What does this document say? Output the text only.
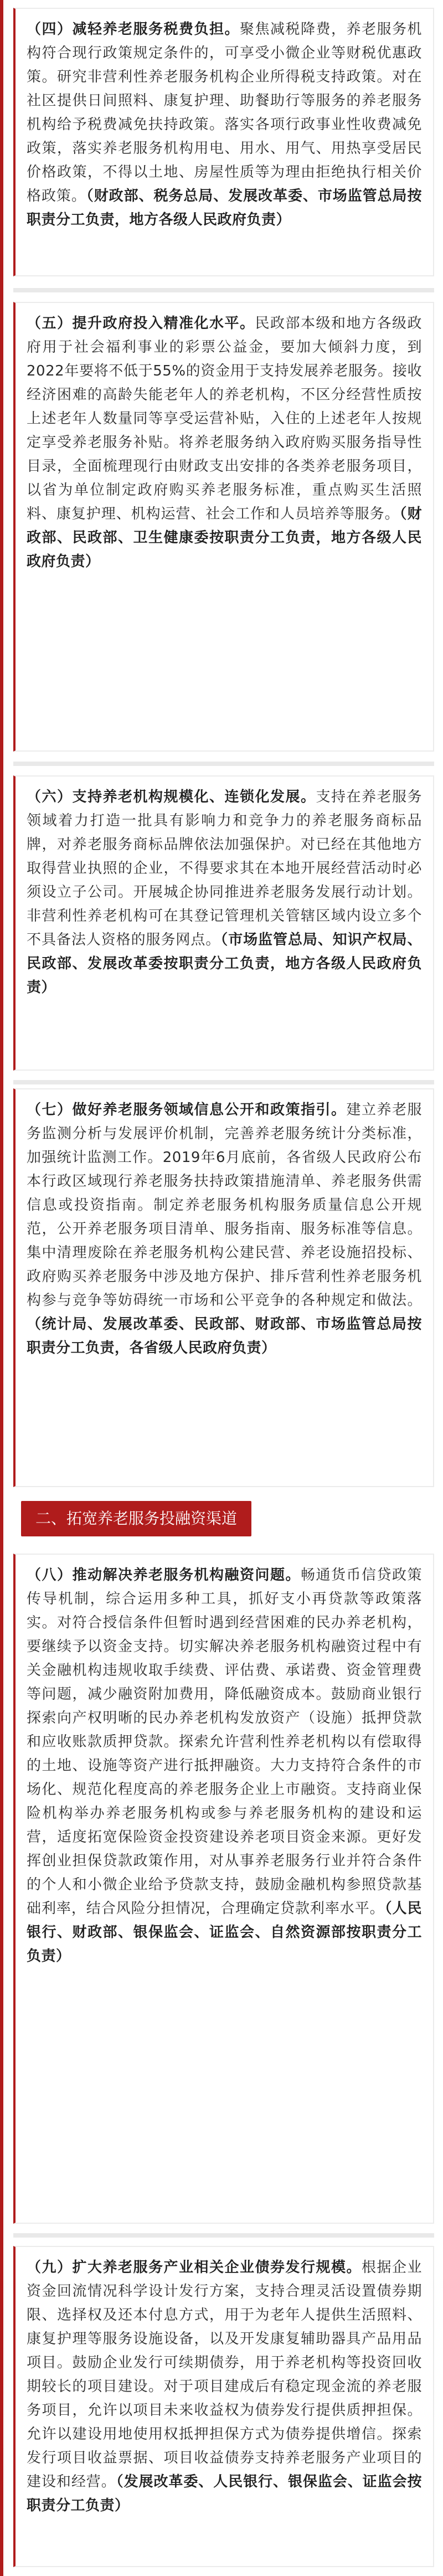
（四）减轻养老服务税费负担。聚焦减税降费，养老服务机构符合现行政策规定条件的，可享受小微企业等财税优惠政策。研究非营利性养老服务机构企业所得税支持政策。对在社区提供日间照料、康复护理、助餐助行等服务的养老服务机构给予税费减免扶持政策。落实各项行政事业性收费减免政策，落实养老服务机构用电、用水、用气、用热享受居民价格政策，不得以土地、房屋性质等为理由拒绝执行相关价格政策。（财政部、税务总局、发展改革委、市场监管总局按职责分工负责，地方各级人民政府负责）

（五）提升政府投入精准化水平。民政部本级和地方各级政府用于社会福利事业的彩票公益金，要加大倾斜力度，到2022年要将不低于55%的资金用于支持发展养老服务。接收经济困难的高龄失能老年人的养老机构，不区分经营性质按上述老年人数量同等享受运营补贴，入住的上述老年人按规定享受养老服务补贴。将养老服务纳入政府购买服务指导性目录，全面梳理现行由财政支出安排的各类养老服务项目，以省为单位制定政府购买养老服务标准，重点购买生活照料、康复护理、机构运营、社会工作和人员培养等服务。（财政部、民政部、卫生健康委按职责分工负责，地方各级人民政府负责）

（六）支持养老机构规模化、连锁化发展。支持在养老服务领域着力打造一批具有影响力和竞争力的养老服务商标品牌，对养老服务商标品牌依法加强保护。对已经在其他地方取得营业执照的企业，不得要求其在本地开展经营活动时必须设立子公司。开展城企协同推进养老服务发展行动计划。非营利性养老机构可在其登记管理机关管辖区域内设立多个不具备法人资格的服务网点。（市场监管总局、知识产权局、民政部、发展改革委按职责分工负责，地方各级人民政府负责）

（七）做好养老服务领域信息公开和政策指引。建立养老服务监测分析与发展评价机制，完善养老服务统计分类标准，加强统计监测工作。2019年6月底前，各省级人民政府公布本行政区域现行养老服务扶持政策措施清单、养老服务供需信息或投资指南。制定养老服务机构服务质量信息公开规范，公开养老服务项目清单、服务指南、服务标准等信息。集中清理废除在养老服务机构公建民营、养老设施招投标、政府购买养老服务中涉及地方保护、排斥营利性养老服务机构参与竞争等妨碍统一市场和公平竞争的各种规定和做法。（统计局、发展改革委、民政部、财政部、市场监管总局按职责分工负责，各省级人民政府负责）

二、拓宽养老服务投融资渠道

（八）推动解决养老服务机构融资问题。畅通货币信贷政策传导机制，综合运用多种工具，抓好支小再贷款等政策落实。对符合授信条件但暂时遇到经营困难的民办养老机构，要继续予以资金支持。切实解决养老服务机构融资过程中有关金融机构违规收取手续费、评估费、承诺费、资金管理费等问题，减少融资附加费用，降低融资成本。鼓励商业银行探索向产权明晰的民办养老机构发放资产（设施）抵押贷款和应收账款质押贷款。探索允许营利性养老机构以有偿取得的土地、设施等资产进行抵押融资。大力支持符合条件的市场化、规范化程度高的养老服务企业上市融资。支持商业保险机构举办养老服务机构或参与养老服务机构的建设和运营，适度拓宽保险资金投资建设养老项目资金来源。更好发挥创业担保贷款政策作用，对从事养老服务行业并符合条件的个人和小微企业给予贷款支持，鼓励金融机构参照贷款基础利率，结合风险分担情况，合理确定贷款利率水平。（人民银行、财政部、银保监会、证监会、自然资源部按职责分工负责）

（九）扩大养老服务产业相关企业债券发行规模。根据企业资金回流情况科学设计发行方案，支持合理灵活设置债券期限、选择权及还本付息方式，用于为老年人提供生活照料、康复护理等服务设施设备，以及开发康复辅助器具产品用品项目。鼓励企业发行可续期债券，用于养老机构等投资回收期较长的项目建设。对于项目建成后有稳定现金流的养老服务项目，允许以项目未来收益权为债券发行提供质押担保。允许以建设用地使用权抵押担保方式为债券提供增信。探索发行项目收益票据、项目收益债券支持养老服务产业项目的建设和经营。（发展改革委、人民银行、银保监会、证监会按职责分工负责）
